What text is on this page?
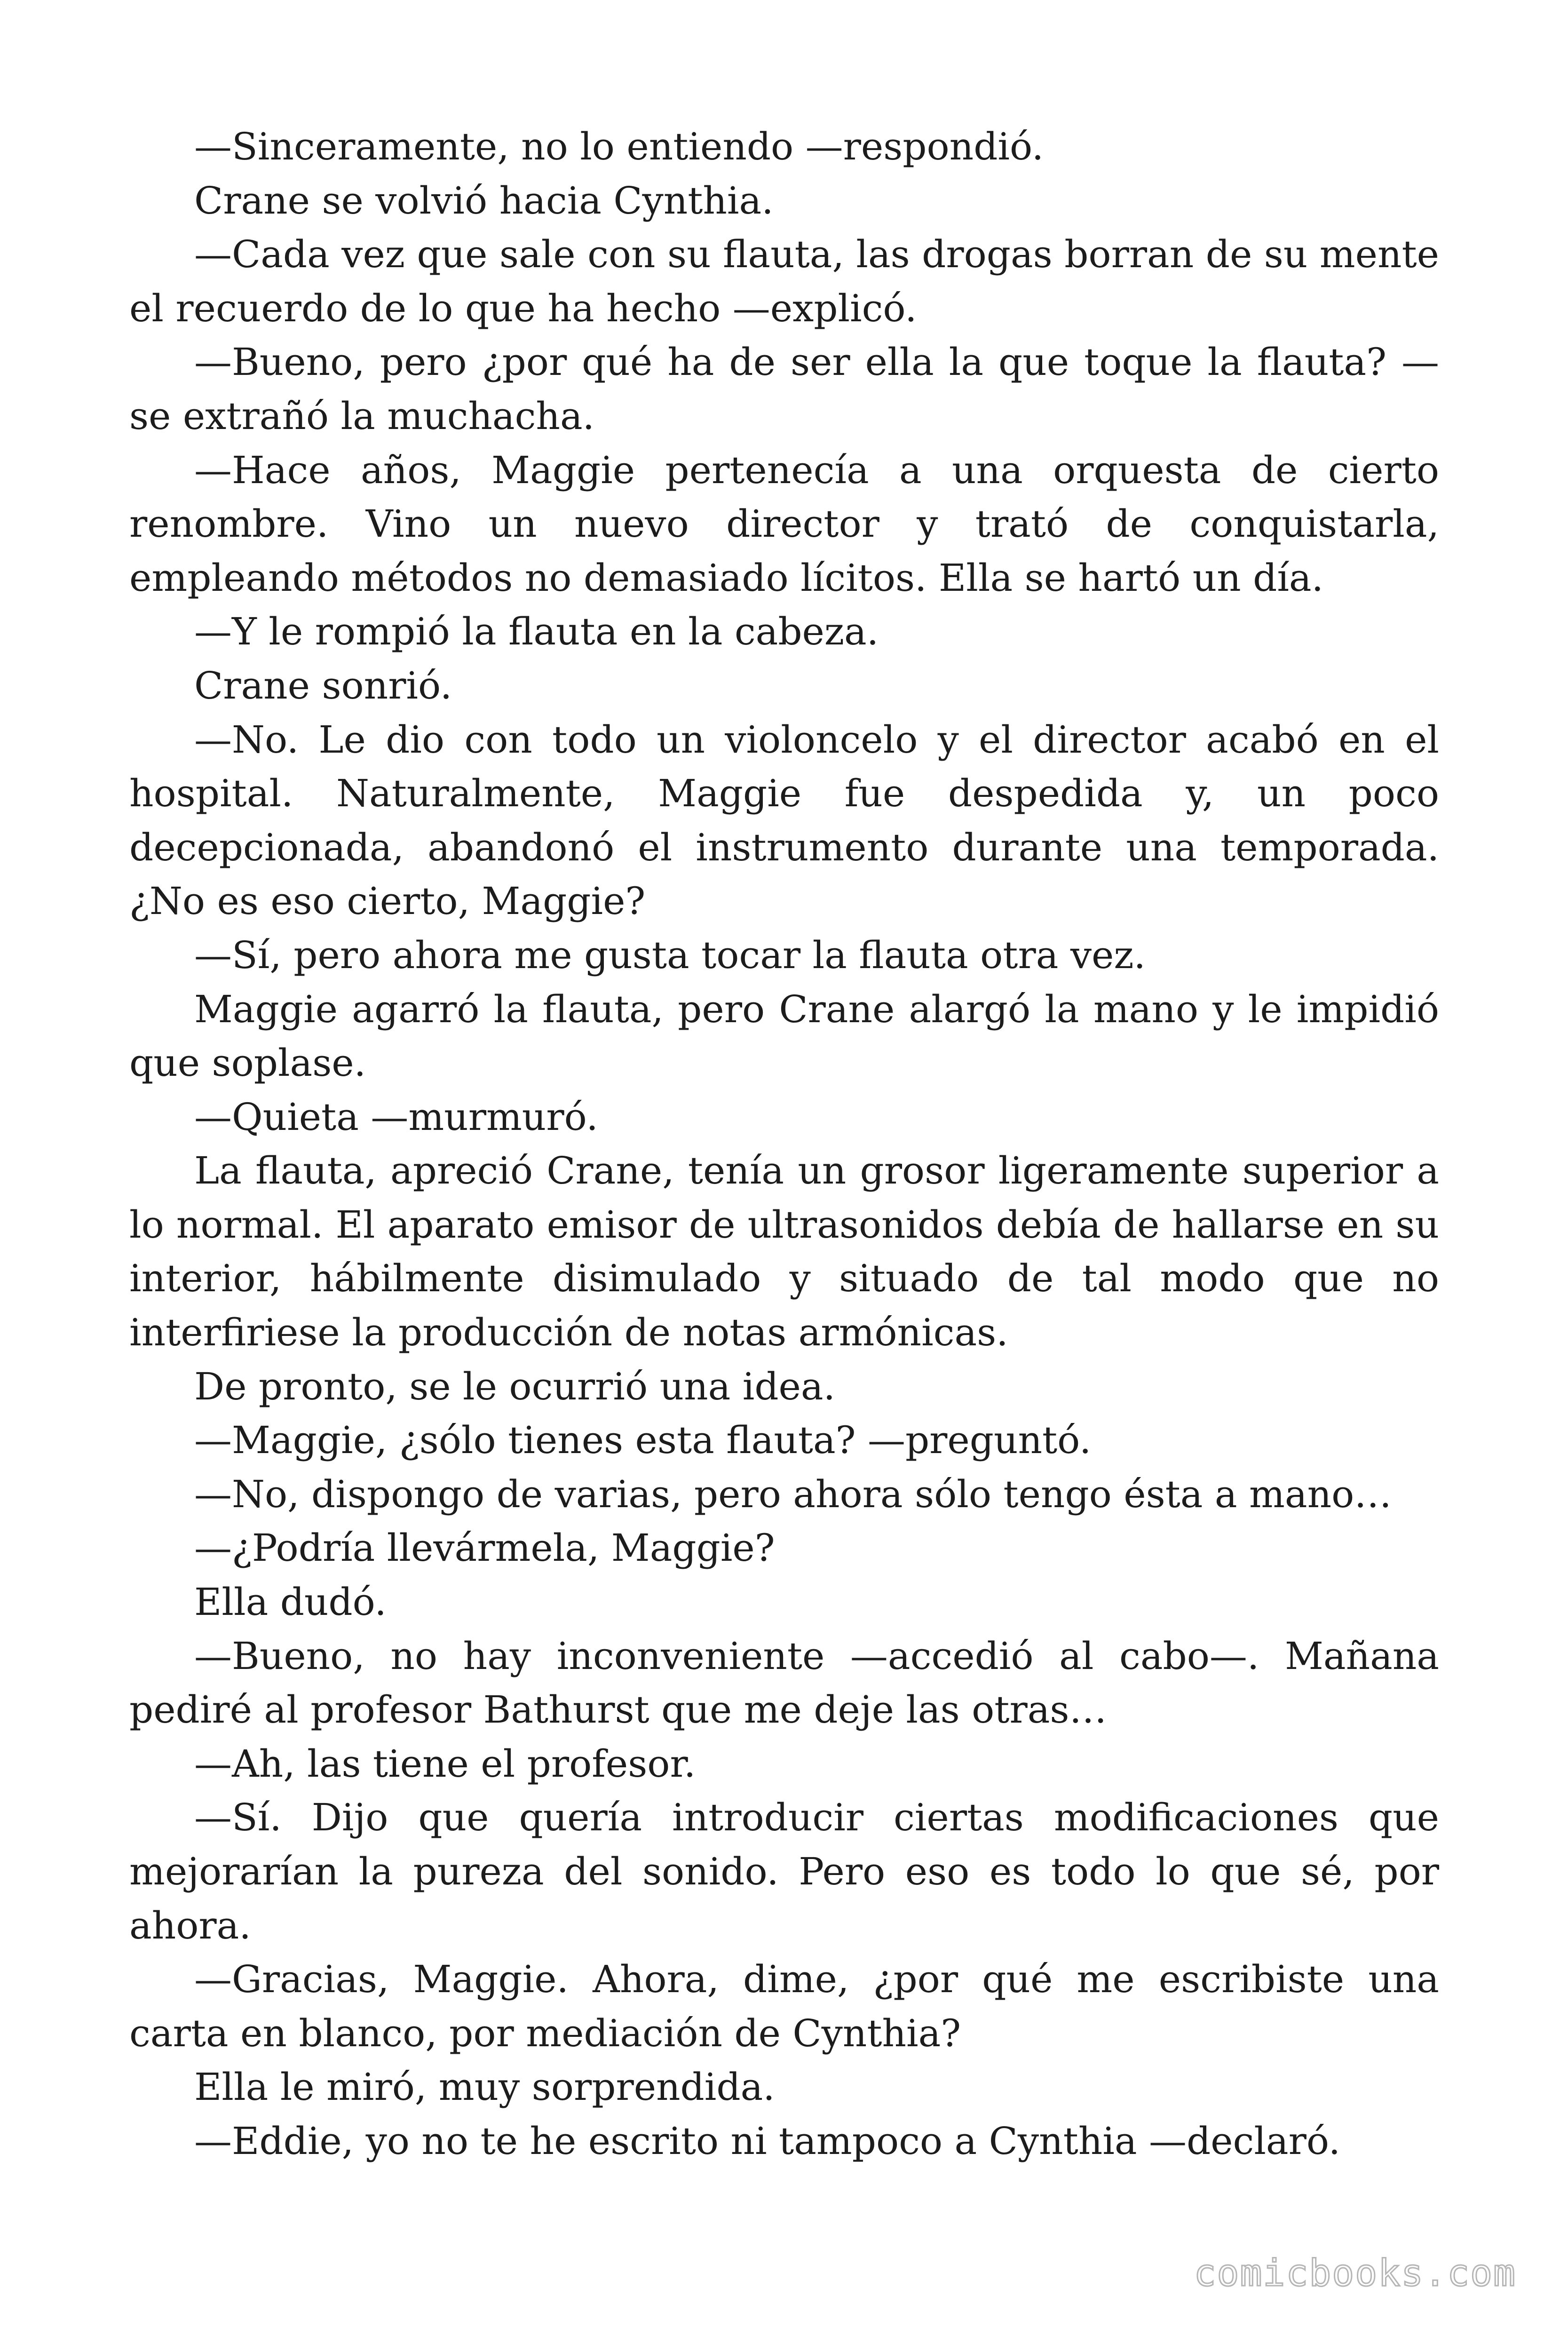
—Sinceramente, no lo entiendo —respondió.

Crane se volvió hacia Cynthia.

—Cada vez que sale con su flauta, las drogas borran de su mente el recuerdo de lo que ha hecho —explicó.

—Bueno, pero ¿por qué ha de ser ella la que toque la flauta? —se extrañó la muchacha.

—Hace años, Maggie pertenecía a una orquesta de cierto renombre. Vino un nuevo director y trató de conquistarla, empleando métodos no demasiado lícitos. Ella se hartó un día.

—Y le rompió la flauta en la cabeza.

Crane sonrió.

—No. Le dio con todo un violoncelo y el director acabó en el hospital. Naturalmente, Maggie fue despedida y, un poco decepcionada, abandonó el instrumento durante una temporada. ¿No es eso cierto, Maggie?

—Sí, pero ahora me gusta tocar la flauta otra vez.

Maggie agarró la flauta, pero Crane alargó la mano y le impidió que soplase.

—Quieta —murmuró.

La flauta, apreció Crane, tenía un grosor ligeramente superior a lo normal. El aparato emisor de ultrasonidos debía de hallarse en su interior, hábilmente disimulado y situado de tal modo que no interfiriese la producción de notas armónicas.

De pronto, se le ocurrió una idea.

—Maggie, ¿sólo tienes esta flauta? —preguntó.

—No, dispongo de varias, pero ahora sólo tengo ésta a mano…

—¿Podría llevármela, Maggie?

Ella dudó.

—Bueno, no hay inconveniente —accedió al cabo—. Mañana pediré al profesor Bathurst que me deje las otras…

—Ah, las tiene el profesor.

—Sí. Dijo que quería introducir ciertas modificaciones que mejorarían la pureza del sonido. Pero eso es todo lo que sé, por ahora.

—Gracias, Maggie. Ahora, dime, ¿por qué me escribiste una carta en blanco, por mediación de Cynthia?

Ella le miró, muy sorprendida.

—Eddie, yo no te he escrito ni tampoco a Cynthia —declaró.

comicbooks.com
